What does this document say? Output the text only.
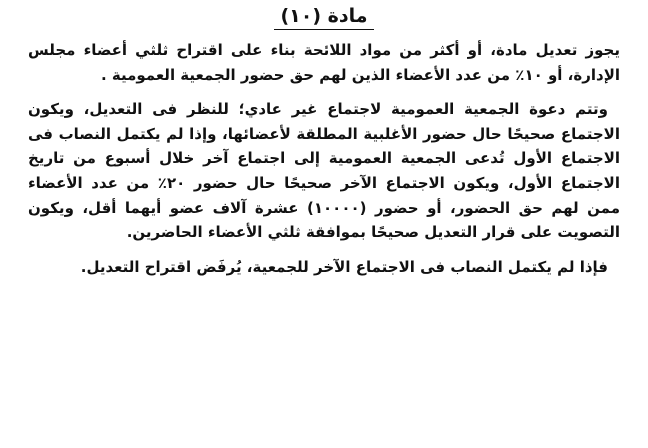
مادة (١٠)

يجوز تعديل مادة، أو أكثر من مواد اللائحة بناء على اقتراح ثلثي أعضاء مجلس الإدارة، أو ١٠٪ من عدد الأعضاء الذين لهم حق حضور الجمعية العمومية .

وتتم دعوة الجمعية العمومية لاجتماع غير عادي؛ للنظر فى التعديل، ويكون الاجتماع صحيحًا حال حضور الأغلبية المطلقة لأعضائها، وإذا لم يكتمل النصاب فى الاجتماع الأول تُدعى الجمعية العمومية إلى اجتماع آخر خلال أسبوع من تاريخ الاجتماع الأول، ويكون الاجتماع الآخر صحيحًا حال حضور ٢٠٪ من عدد الأعضاء ممن لهم حق الحضور، أو حضور (١٠٠٠٠) عشرة آلاف عضو أيهما أقل، ويكون التصويت على قرار التعديل صحيحًا بموافقة ثلثي الأعضاء الحاضرين.

فإذا لم يكتمل النصاب فى الاجتماع الآخر للجمعية، يُرفَض اقتراح التعديل.
